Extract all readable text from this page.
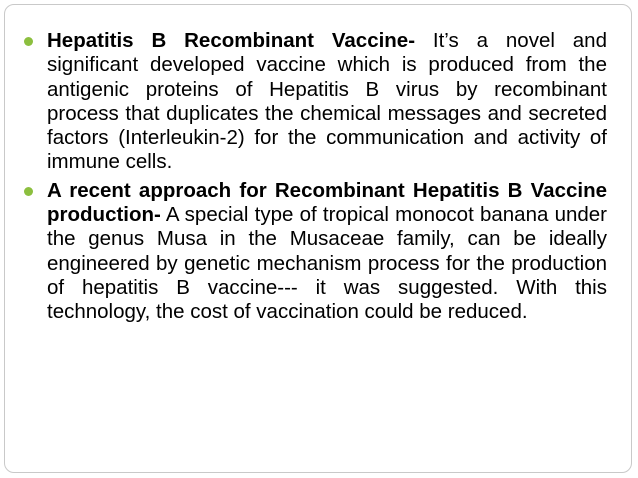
Hepatitis B Recombinant Vaccine- It’s a novel and significant developed vaccine which is produced from the antigenic proteins of Hepatitis B virus by recombinant process that duplicates the chemical messages and secreted factors (Interleukin-2) for the communication and activity of immune cells.

A recent approach for Recombinant Hepatitis B Vaccine production- A special type of tropical monocot banana under the genus Musa in the Musaceae family, can be ideally engineered by genetic mechanism process for the production of hepatitis B vaccine--- it was suggested. With this technology, the cost of vaccination could be reduced.
